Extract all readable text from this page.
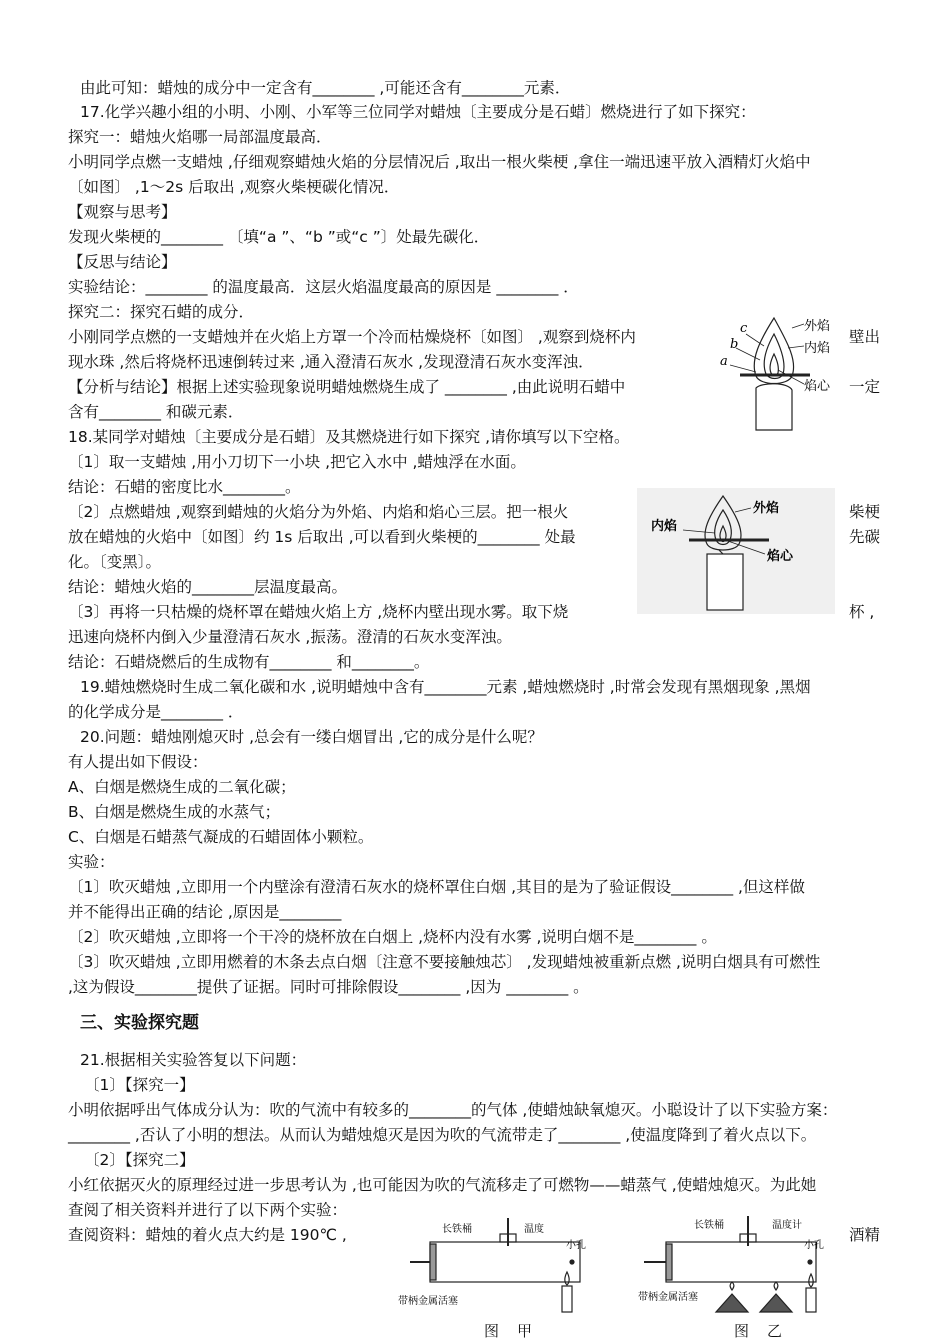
由此可知：蜡烛的成分中一定含有________ ,可能还含有________元素．
17.化学兴趣小组的小明、小刚、小军等三位同学对蜡烛〔主要成分是石蜡〕燃烧进行了如下探究：
探究一：蜡烛火焰哪一局部温度最高．
小明同学点燃一支蜡烛 ,仔细观察蜡烛火焰的分层情况后 ,取出一根火柴梗 ,拿住一端迅速平放入酒精灯火焰中
〔如图〕 ,1～2s 后取出 ,观察火柴梗碳化情况．
【观察与思考】
发现火柴梗的________ 〔填“a ”、“b ”或“c ”〕处最先碳化．
【反思与结论】
实验结论：________ 的温度最高．这层火焰温度最高的原因是 ________ ．
探究二：探究石蜡的成分．
小刚同学点燃的一支蜡烛并在火焰上方罩一个冷而枯燥烧杯〔如图〕 ,观察到烧杯内	壁出
现水珠 ,然后将烧杯迅速倒转过来 ,通入澄清石灰水 ,发现澄清石灰水变浑浊．
【分析与结论】根据上述实验现象说明蜡烛燃烧生成了 ________ ,由此说明石蜡中	一定
含有________ 和碳元素．
18.某同学对蜡烛〔主要成分是石蜡〕及其燃烧进行如下探究 ,请你填写以下空格。
〔1〕取一支蜡烛 ,用小刀切下一小块 ,把它入水中 ,蜡烛浮在水面。
结论：石蜡的密度比水________。
〔2〕点燃蜡烛 ,观察到蜡烛的火焰分为外焰、内焰和焰心三层。把一根火	柴梗
放在蜡烛的火焰中〔如图〕约 1s 后取出 ,可以看到火柴梗的________ 处最	先碳
化。〔变黑〕。
结论：蜡烛火焰的________层温度最高。
〔3〕再将一只枯燥的烧杯罩在蜡烛火焰上方 ,烧杯内壁出现水雾。取下烧	杯 ,
迅速向烧杯内倒入少量澄清石灰水 ,振荡。澄清的石灰水变浑浊。
结论：石蜡烧燃后的生成物有________ 和________。
19.蜡烛燃烧时生成二氧化碳和水 ,说明蜡烛中含有________元素 ,蜡烛燃烧时 ,时常会发现有黑烟现象 ,黑烟
的化学成分是________ ．
20.问题：蜡烛刚熄灭时 ,总会有一缕白烟冒出 ,它的成分是什么呢？
有人提出如下假设：
A、白烟是燃烧生成的二氧化碳；
B、白烟是燃烧生成的水蒸气；
C、白烟是石蜡蒸气凝成的石蜡固体小颗粒。
实验：
〔1〕吹灭蜡烛 ,立即用一个内壁涂有澄清石灰水的烧杯罩住白烟 ,其目的是为了验证假设________ ,但这样做
并不能得出正确的结论 ,原因是________
〔2〕吹灭蜡烛 ,立即将一个干冷的烧杯放在白烟上 ,烧杯内没有水雾 ,说明白烟不是________ 。
〔3〕吹灭蜡烛 ,立即用燃着的木条去点白烟〔注意不要接触烛芯〕 ,发现蜡烛被重新点燃 ,说明白烟具有可燃性
,这为假设________提供了证据。同时可排除假设________ ,因为 ________ 。
三、实验探究题
21.根据相关实验答复以下问题：
〔1〕【探究一】
小明依据呼出气体成分认为：吹的气流中有较多的________的气体 ,使蜡烛缺氧熄灭。小聪设计了以下实验方案：
________ ,否认了小明的想法。从而认为蜡烛熄灭是因为吹的气流带走了________ ,使温度降到了着火点以下。
〔2〕【探究二】
小红依据灭火的原理经过进一步思考认为 ,也可能因为吹的气流移走了可燃物——蜡蒸气 ,使蜡烛熄灭。为此她
查阅了相关资料并进行了以下两个实验：
查阅资料：蜡烛的着火点大约是 190℃ ,	酒精
c
b
a
外焰
内焰
焰心
内焰
外焰
焰心
长铁桶	温度
小孔
带柄金属活塞
图甲
长铁桶	温度计
小孔
带柄金属活塞
图乙
